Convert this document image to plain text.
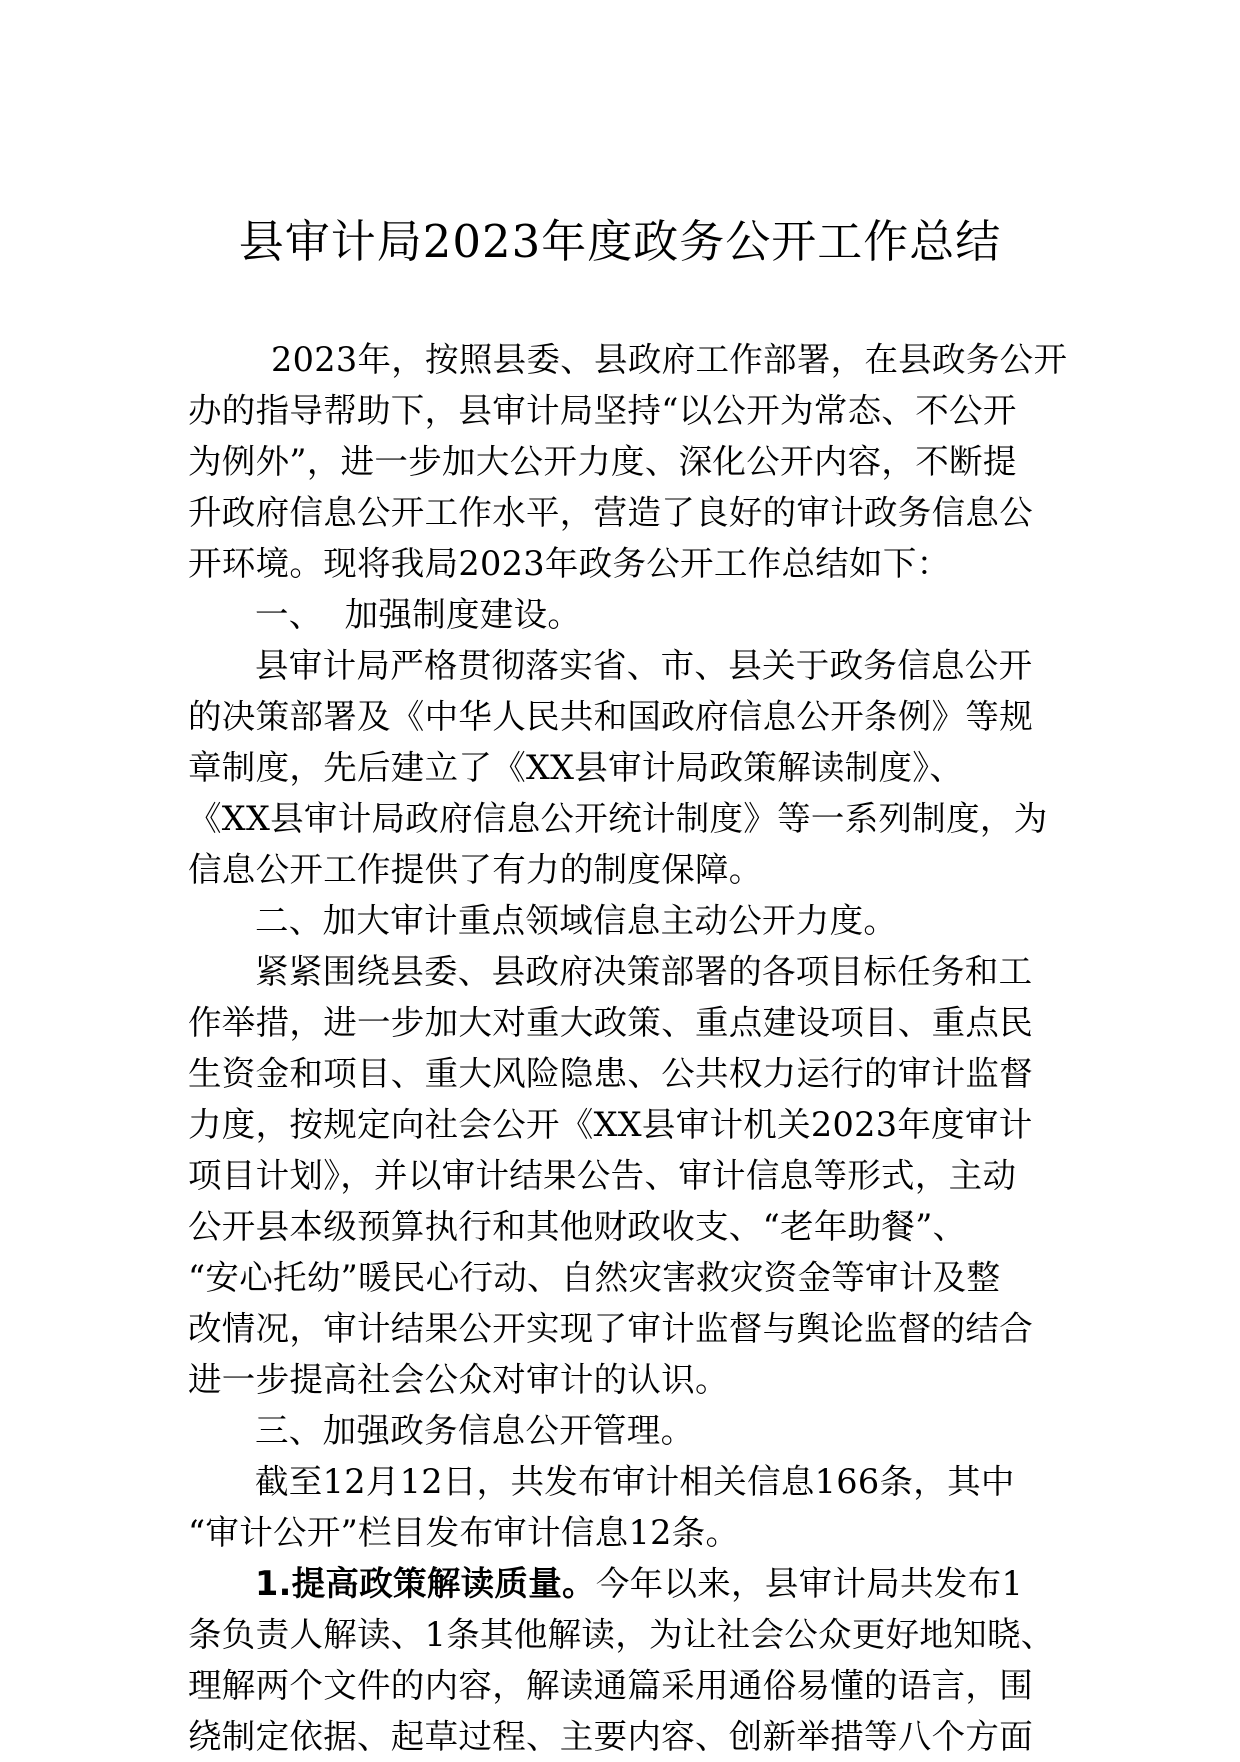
县审计局2023年度政务公开工作总结
2023年，按照县委、县政府工作部署，在县政务公开
办的指导帮助下，县审计局坚持“以公开为常态、不公开
为例外”，进一步加大公开力度、深化公开内容，不断提
升政府信息公开工作水平，营造了良好的审计政务信息公
开环境。现将我局2023年政务公开工作总结如下：
一、 加强制度建设。
县审计局严格贯彻落实省、市、县关于政务信息公开
的决策部署及《中华人民共和国政府信息公开条例》等规
章制度，先后建立了《XX县审计局政策解读制度》、
《XX县审计局政府信息公开统计制度》等一系列制度，为
信息公开工作提供了有力的制度保障。
二、加大审计重点领域信息主动公开力度。
紧紧围绕县委、县政府决策部署的各项目标任务和工
作举措，进一步加大对重大政策、重点建设项目、重点民
生资金和项目、重大风险隐患、公共权力运行的审计监督
力度，按规定向社会公开《XX县审计机关2023年度审计
项目计划》，并以审计结果公告、审计信息等形式，主动
公开县本级预算执行和其他财政收支、“老年助餐”、
“安心托幼”暖民心行动、自然灾害救灾资金等审计及整
改情况，审计结果公开实现了审计监督与舆论监督的结合
进一步提高社会公众对审计的认识。
三、加强政务信息公开管理。
截至12月12日，共发布审计相关信息166条，其中
“审计公开”栏目发布审计信息12条。
1.提高政策解读质量。今年以来，县审计局共发布1
条负责人解读、1条其他解读，为让社会公众更好地知晓、
理解两个文件的内容，解读通篇采用通俗易懂的语言，围
绕制定依据、起草过程、主要内容、创新举措等八个方面
